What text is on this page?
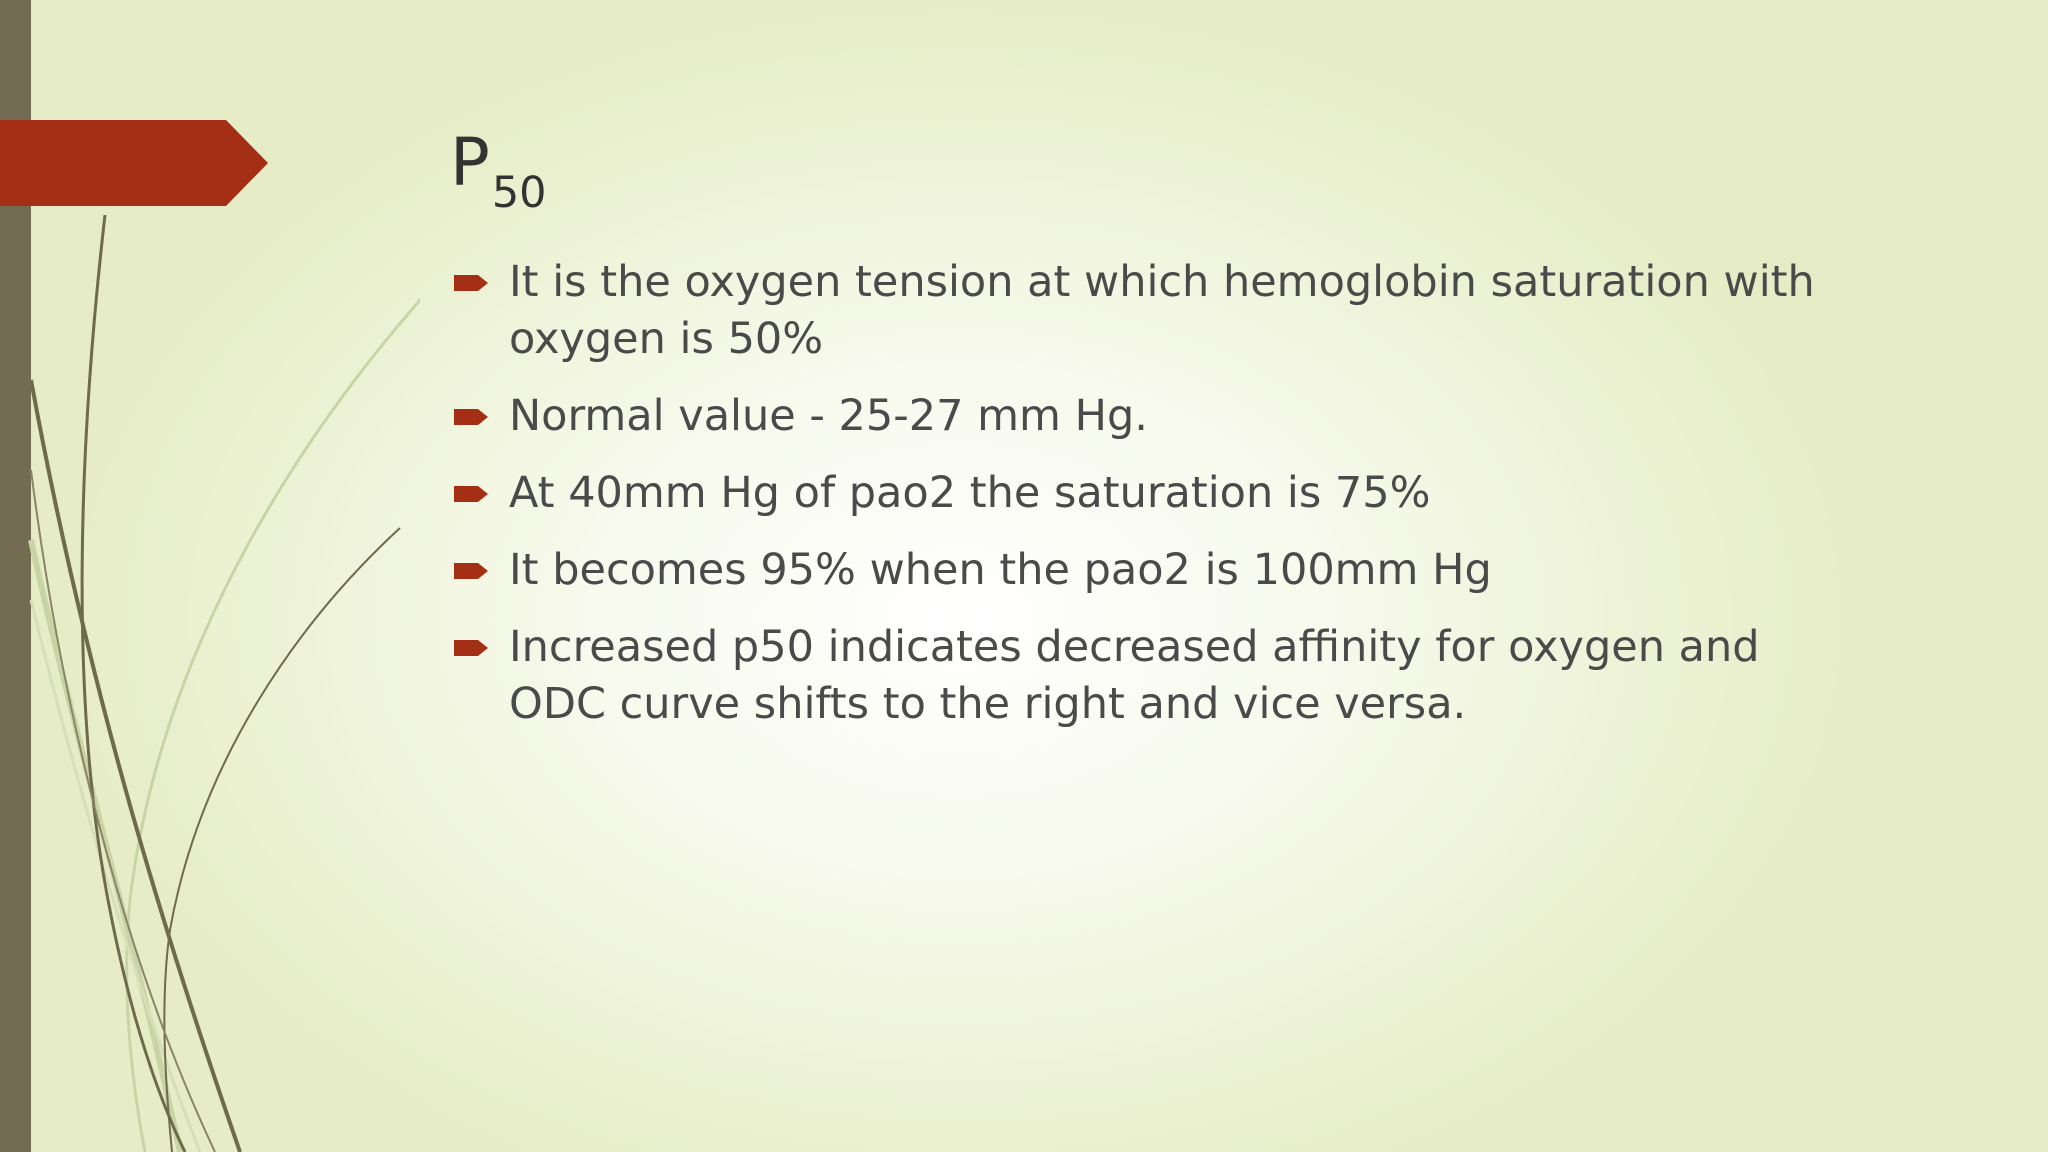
$P_{50}$
It is the oxygen tension at which hemoglobin saturation with oxygen is 50%
Normal value - 25-27 mm Hg.
At 40mm Hg of pao2 the saturation is 75%
It becomes 95% when the pao2 is 100mm Hg
Increased p50 indicates decreased affinity for oxygen and ODC curve shifts to the right and vice versa.
